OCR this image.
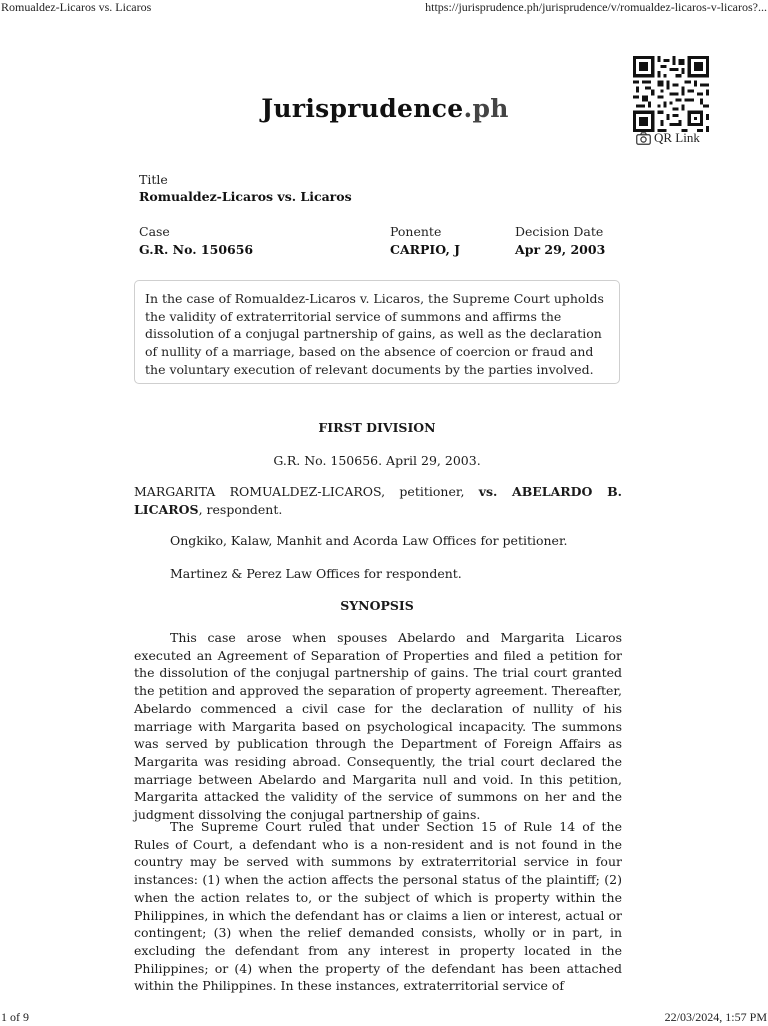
Romualdez-Licaros vs. Licaros	https://jurisprudence.ph/jurisprudence/v/romualdez-licaros-v-licaros?...
Jurisprudence.ph
QR Link
Title
Romualdez-Licaros vs. Licaros
Case
G.R. No. 150656
Ponente
CARPIO, J
Decision Date
Apr 29, 2003
In the case of Romualdez-Licaros v. Licaros, the Supreme Court upholds the validity of extraterritorial service of summons and affirms the dissolution of a conjugal partnership of gains, as well as the declaration of nullity of a marriage, based on the absence of coercion or fraud and the voluntary execution of relevant documents by the parties involved.
FIRST DIVISION
G.R. No. 150656. April 29, 2003.

MARGARITA ROMUALDEZ-LICAROS, petitioner, vs. ABELARDO B. LICAROS, respondent.

Ongkiko, Kalaw, Manhit and Acorda Law Offices for petitioner.
Martinez & Perez Law Offices for respondent.
SYNOPSIS

This case arose when spouses Abelardo and Margarita Licaros executed an Agreement of Separation of Properties and filed a petition for the dissolution of the conjugal partnership of gains. The trial court granted the petition and approved the separation of property agreement. Thereafter, Abelardo commenced a civil case for the declaration of nullity of his marriage with Margarita based on psychological incapacity. The summons was served by publication through the Department of Foreign Affairs as Margarita was residing abroad. Consequently, the trial court declared the marriage between Abelardo and Margarita null and void. In this petition, Margarita attacked the validity of the service of summons on her and the judgment dissolving the conjugal partnership of gains.

The Supreme Court ruled that under Section 15 of Rule 14 of the Rules of Court, a defendant who is a non-resident and is not found in the country may be served with summons by extraterritorial service in four instances: (1) when the action affects the personal status of the plaintiff; (2) when the action relates to, or the subject of which is property within the Philippines, in which the defendant has or claims a lien or interest, actual or contingent; (3) when the relief demanded consists, wholly or in part, in excluding the defendant from any interest in property located in the Philippines; or (4) when the property of the defendant has been attached within the Philippines. In these instances, extraterritorial service of

1 of 9	22/03/2024, 1:57 PM
